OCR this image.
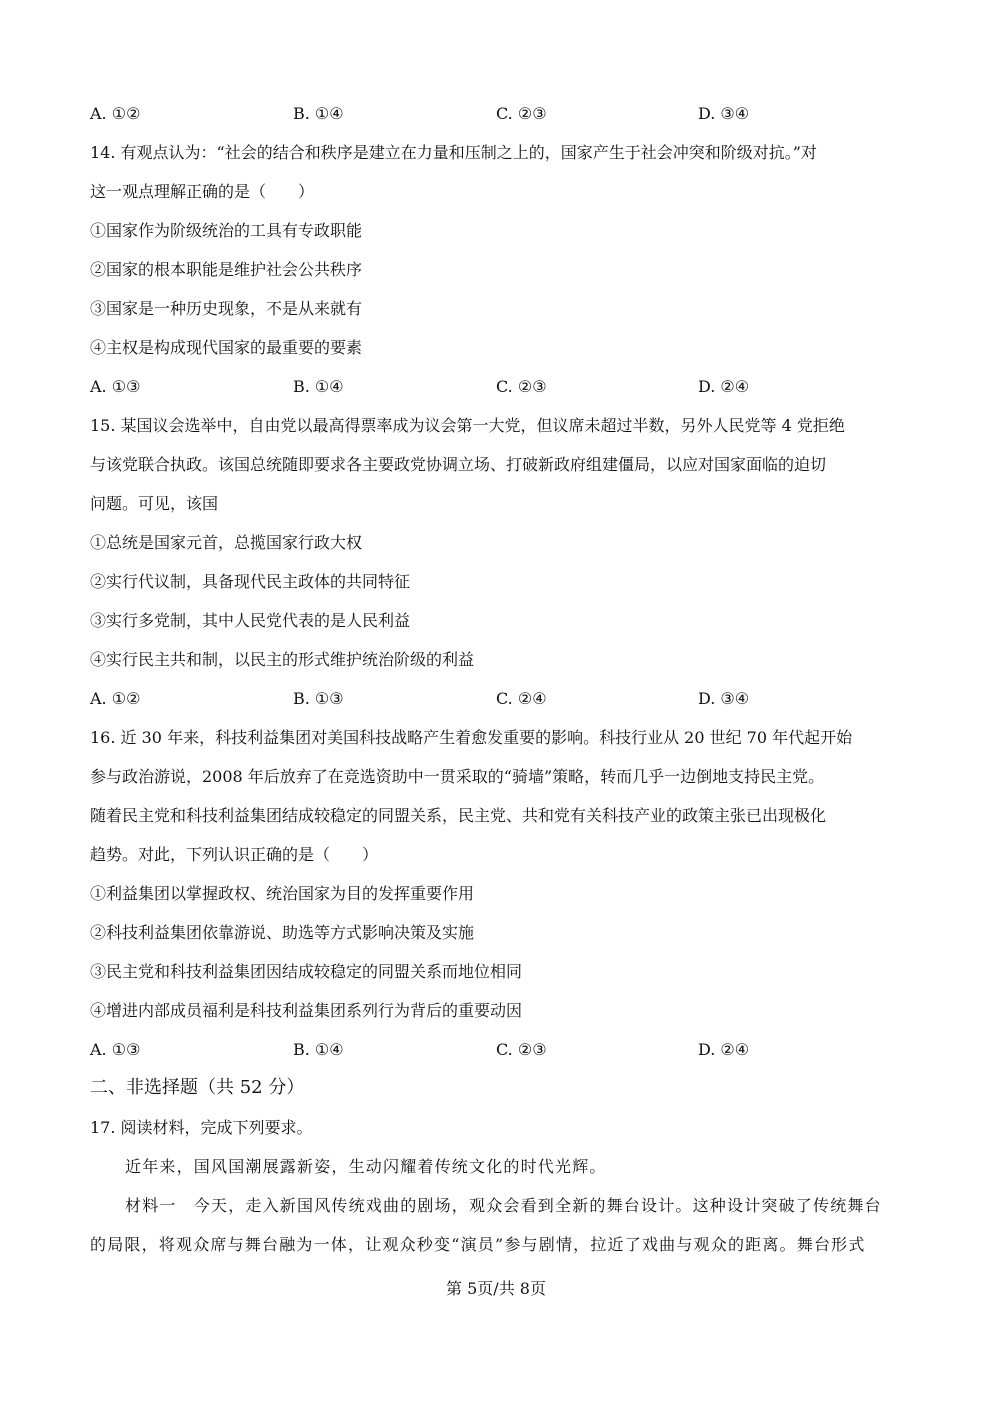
A. ①②	B. ①④	C. ②③	D. ③④
14. 有观点认为：“社会的结合和秩序是建立在力量和压制之上的，国家产生于社会冲突和阶级对抗。”对
这一观点理解正确的是（　　）
①国家作为阶级统治的工具有专政职能
②国家的根本职能是维护社会公共秩序
③国家是一种历史现象，不是从来就有
④主权是构成现代国家的最重要的要素
A. ①③	B. ①④	C. ②③	D. ②④
15. 某国议会选举中，自由党以最高得票率成为议会第一大党，但议席未超过半数，另外人民党等 4 党拒绝
与该党联合执政。该国总统随即要求各主要政党协调立场、打破新政府组建僵局，以应对国家面临的迫切
问题。可见，该国
①总统是国家元首，总揽国家行政大权
②实行代议制，具备现代民主政体的共同特征
③实行多党制，其中人民党代表的是人民利益
④实行民主共和制，以民主的形式维护统治阶级的利益
A. ①②	B. ①③	C. ②④	D. ③④
16. 近 30 年来，科技利益集团对美国科技战略产生着愈发重要的影响。科技行业从 20 世纪 70 年代起开始
参与政治游说，2008 年后放弃了在竞选资助中一贯采取的“骑墙”策略，转而几乎一边倒地支持民主党。
随着民主党和科技利益集团结成较稳定的同盟关系，民主党、共和党有关科技产业的政策主张已出现极化
趋势。对此，下列认识正确的是（　　）
①利益集团以掌握政权、统治国家为目的发挥重要作用
②科技利益集团依靠游说、助选等方式影响决策及实施
③民主党和科技利益集团因结成较稳定的同盟关系而地位相同
④增进内部成员福利是科技利益集团系列行为背后的重要动因
A. ①③	B. ①④	C. ②③	D. ②④
二、非选择题（共 52 分）
17. 阅读材料，完成下列要求。
近年来，国风国潮展露新姿，生动闪耀着传统文化的时代光辉。
材料一　今天，走入新国风传统戏曲的剧场，观众会看到全新的舞台设计。这种设计突破了传统舞台
的局限，将观众席与舞台融为一体，让观众秒变“演员”参与剧情，拉近了戏曲与观众的距离。舞台形式
第 5页/共 8页
